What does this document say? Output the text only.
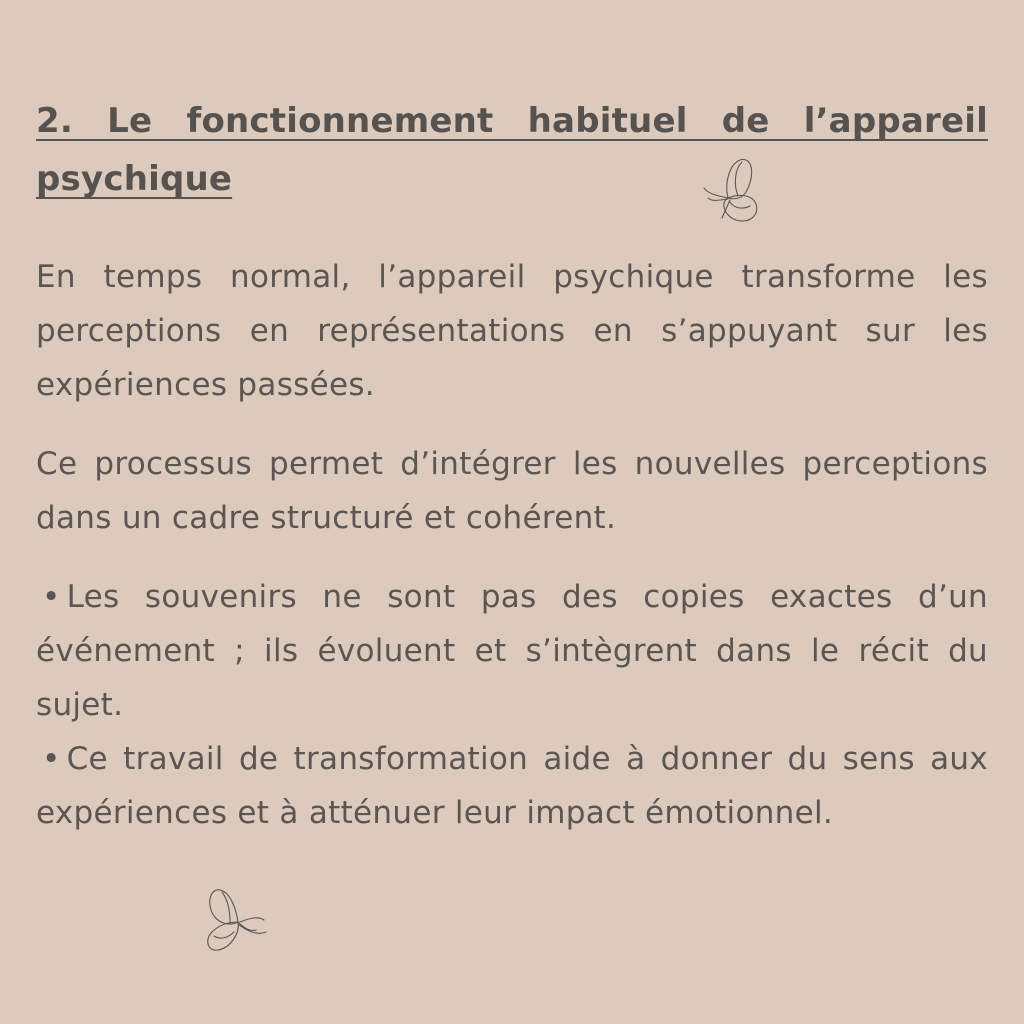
2. Le fonctionnement habituel de l’appareil psychique

En temps normal, l’appareil psychique transforme les perceptions en représentations en s’appuyant sur les expériences passées.

Ce processus permet d’intégrer les nouvelles perceptions dans un cadre structuré et cohérent.

• Les souvenirs ne sont pas des copies exactes d’un événement ; ils évoluent et s’intègrent dans le récit du sujet.

• Ce travail de transformation aide à donner du sens aux expériences et à atténuer leur impact émotionnel.
